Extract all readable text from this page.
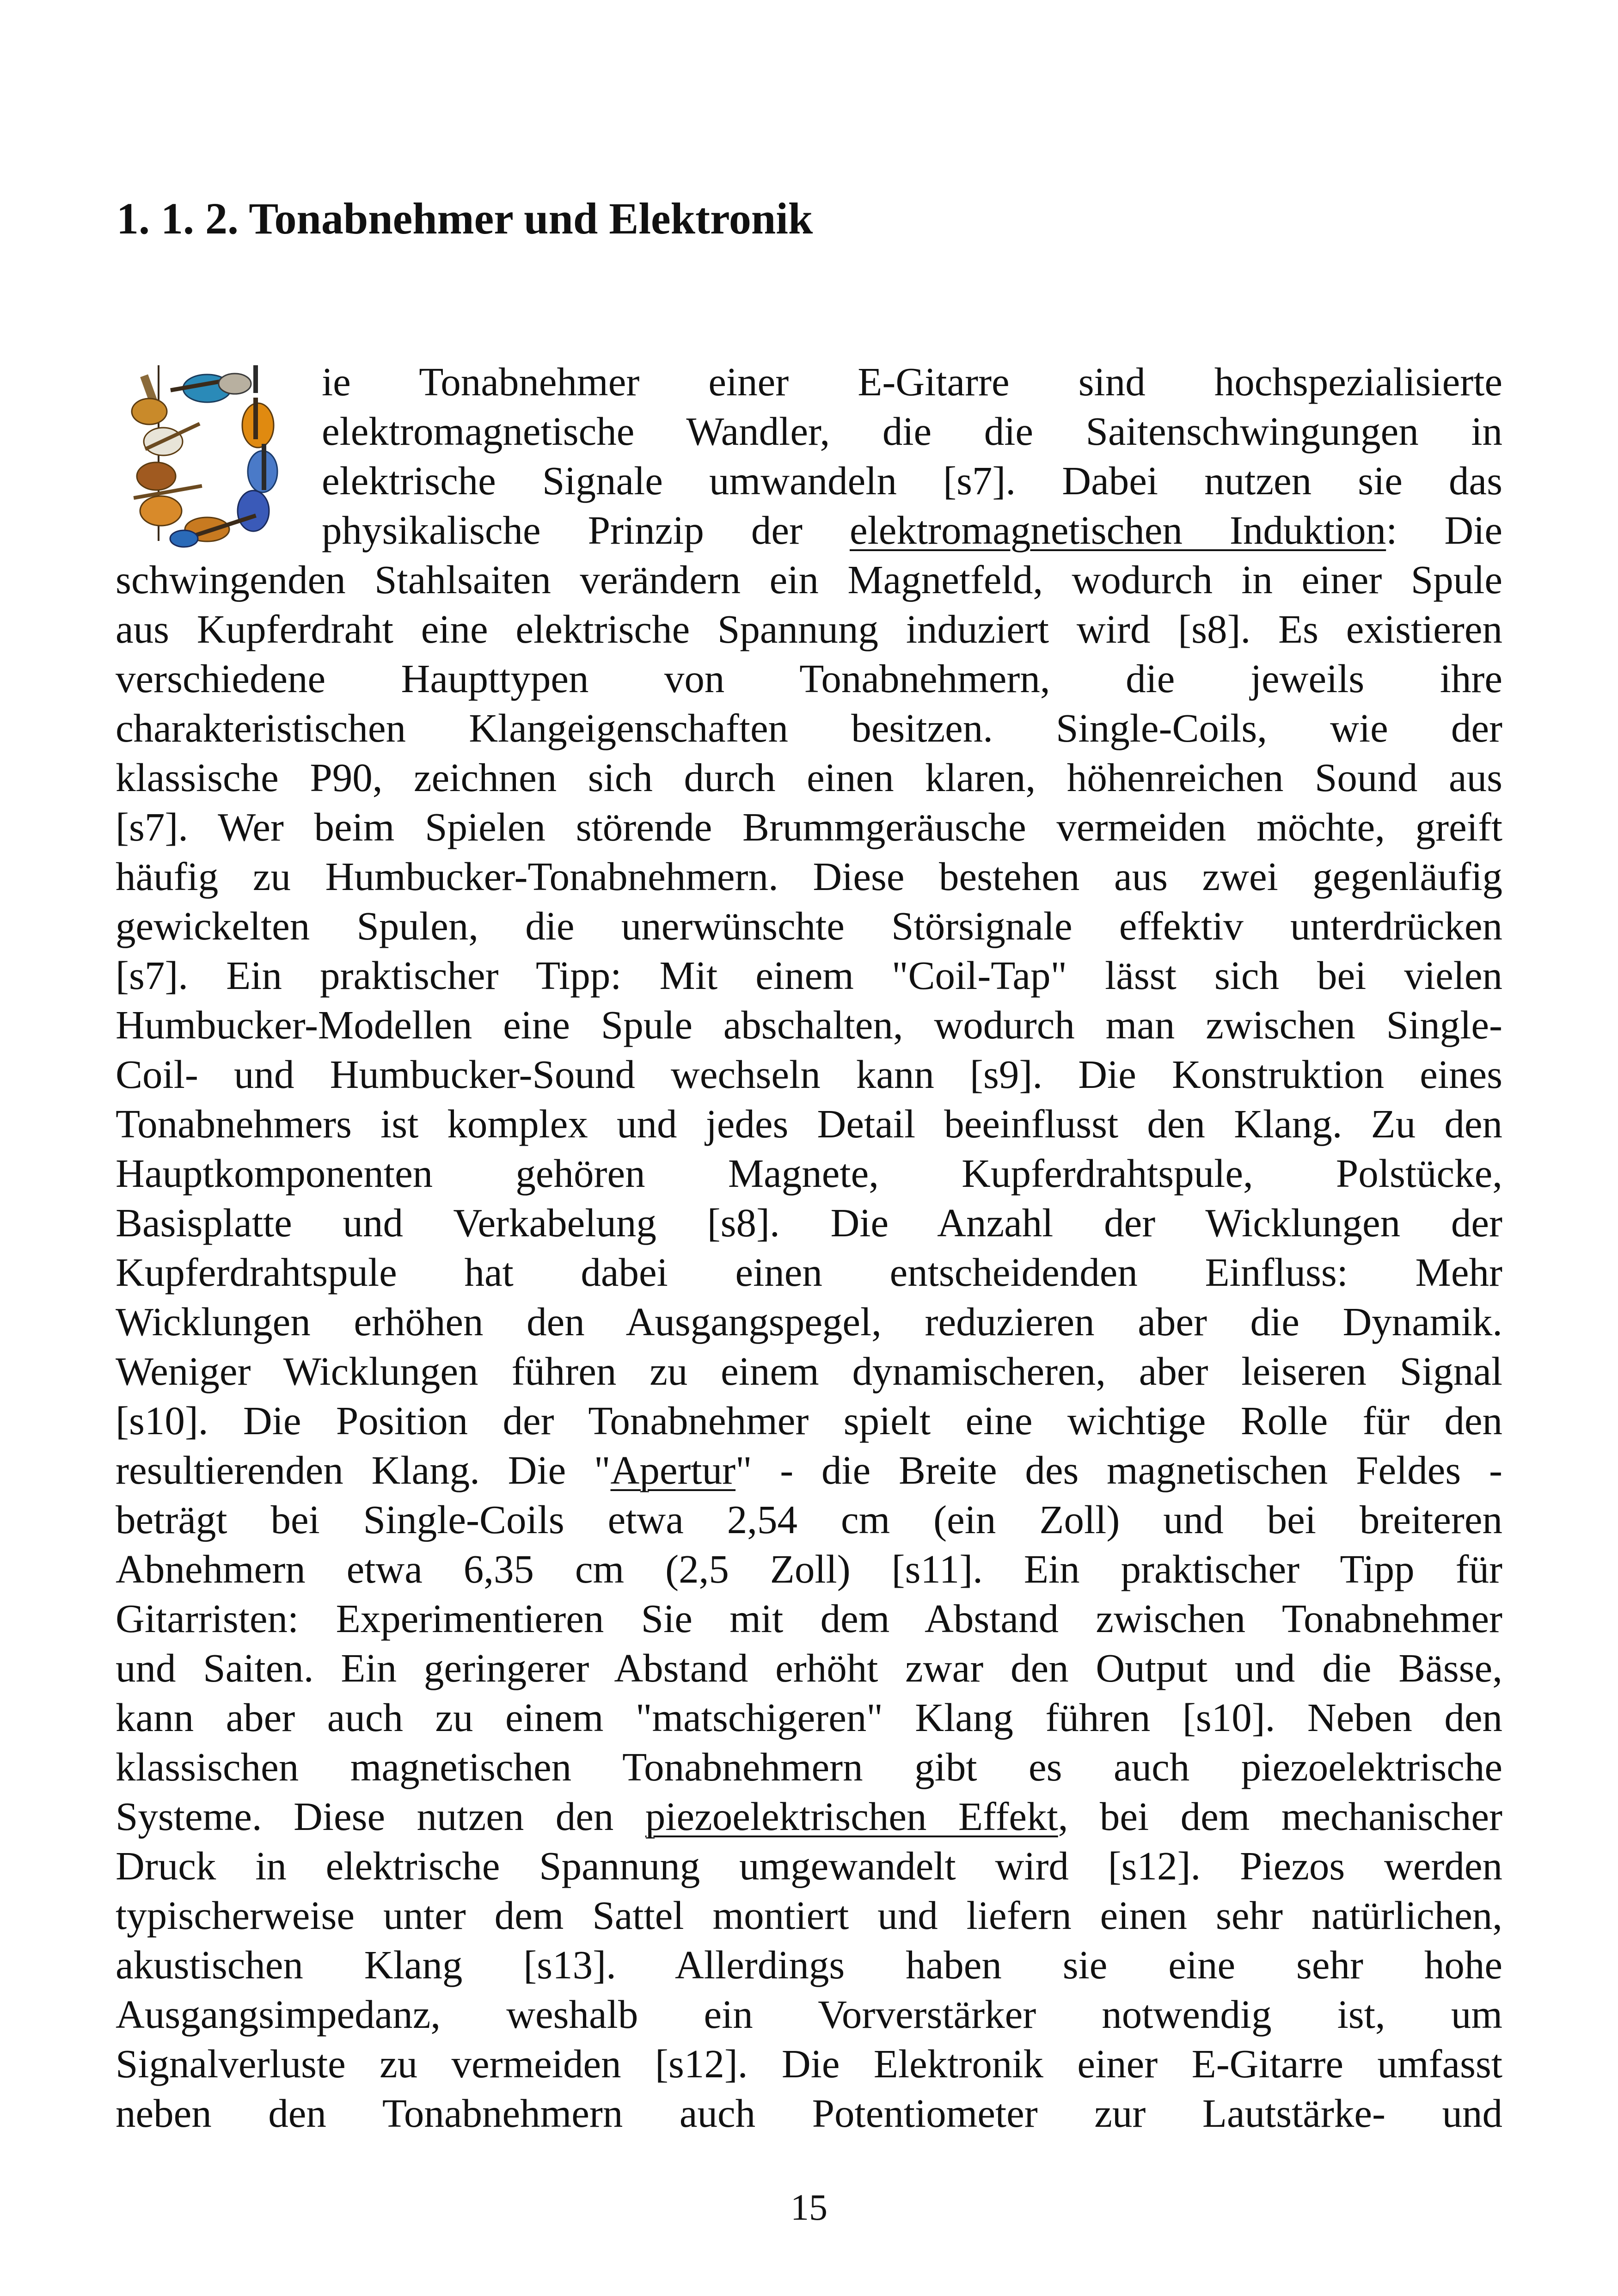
1. 1. 2. Tonabnehmer und Elektronik
ie Tonabnehmer einer E-Gitarre sind hochspezialisierte
elektromagnetische Wandler, die die Saitenschwingungen in
elektrische Signale umwandeln [s7]. Dabei nutzen sie das
physikalische Prinzip der elektromagnetischen Induktion: Die
schwingenden Stahlsaiten verändern ein Magnetfeld, wodurch in einer Spule
aus Kupferdraht eine elektrische Spannung induziert wird [s8]. Es existieren
verschiedene Haupttypen von Tonabnehmern, die jeweils ihre
charakteristischen Klangeigenschaften besitzen. Single-Coils, wie der
klassische P90, zeichnen sich durch einen klaren, höhenreichen Sound aus
[s7]. Wer beim Spielen störende Brummgeräusche vermeiden möchte, greift
häufig zu Humbucker-Tonabnehmern. Diese bestehen aus zwei gegenläufig
gewickelten Spulen, die unerwünschte Störsignale effektiv unterdrücken
[s7]. Ein praktischer Tipp: Mit einem "Coil-Tap" lässt sich bei vielen
Humbucker-Modellen eine Spule abschalten, wodurch man zwischen Single-
Coil- und Humbucker-Sound wechseln kann [s9]. Die Konstruktion eines
Tonabnehmers ist komplex und jedes Detail beeinflusst den Klang. Zu den
Hauptkomponenten gehören Magnete, Kupferdrahtspule, Polstücke,
Basisplatte und Verkabelung [s8]. Die Anzahl der Wicklungen der
Kupferdrahtspule hat dabei einen entscheidenden Einfluss: Mehr
Wicklungen erhöhen den Ausgangspegel, reduzieren aber die Dynamik.
Weniger Wicklungen führen zu einem dynamischeren, aber leiseren Signal
[s10]. Die Position der Tonabnehmer spielt eine wichtige Rolle für den
resultierenden Klang. Die "Apertur" - die Breite des magnetischen Feldes -
beträgt bei Single-Coils etwa 2,54 cm (ein Zoll) und bei breiteren
Abnehmern etwa 6,35 cm (2,5 Zoll) [s11]. Ein praktischer Tipp für
Gitarristen: Experimentieren Sie mit dem Abstand zwischen Tonabnehmer
und Saiten. Ein geringerer Abstand erhöht zwar den Output und die Bässe,
kann aber auch zu einem "matschigeren" Klang führen [s10]. Neben den
klassischen magnetischen Tonabnehmern gibt es auch piezoelektrische
Systeme. Diese nutzen den piezoelektrischen Effekt, bei dem mechanischer
Druck in elektrische Spannung umgewandelt wird [s12]. Piezos werden
typischerweise unter dem Sattel montiert und liefern einen sehr natürlichen,
akustischen Klang [s13]. Allerdings haben sie eine sehr hohe
Ausgangsimpedanz, weshalb ein Vorverstärker notwendig ist, um
Signalverluste zu vermeiden [s12]. Die Elektronik einer E-Gitarre umfasst
neben den Tonabnehmern auch Potentiometer zur Lautstärke- und
15
